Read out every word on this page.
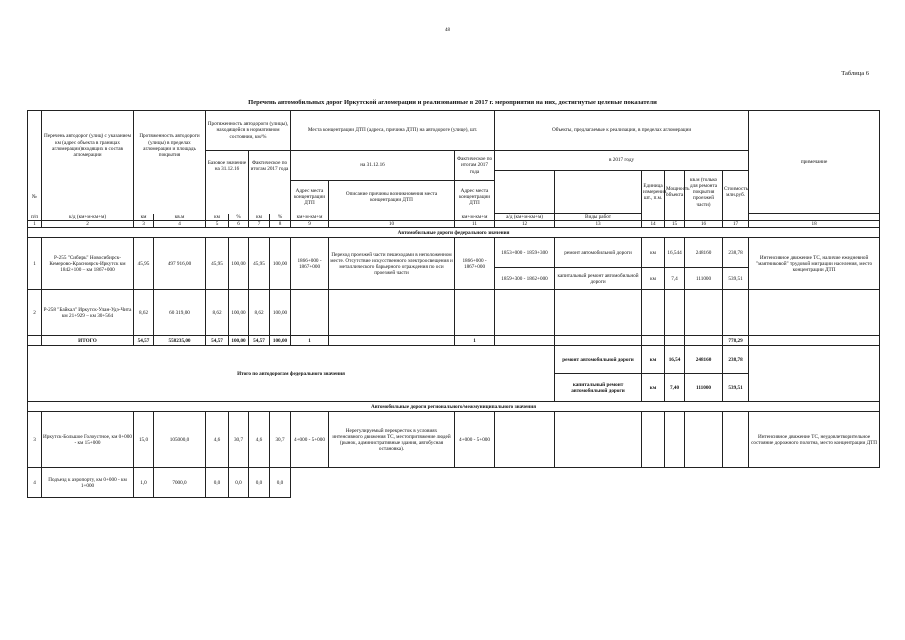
48
Таблица 6
Перечень автомобильных дорог Иркутской агломерации и реализованные в 2017 г. мероприятия на них, достигнутые целевые показатели
	Перечень автодорог (улиц) с указанием км (адрес объекта в границах агломерации)входящих в состав агломерации	Протяженность автодороги (улицы) в пределах агломерации и площадь покрытия		Протяженность автодороги (улицы), находящейся в нормативном состоянии, км/%				Места концентрации ДТП (адреса, причина ДТП) на автодороге (улице), шт.			Объекты, предлагаемые к реализации, в пределах агломерации						примечание
				Базовое значение на 31.12.16		Фактическое по итогам 2017 года		на 31.12.16		Фактическое по итогам 2017 года	в 2017 году						
													Единица измерения, шт., п.м.	Мощность объекта	кв.м (только для ремонта покрытия проезжей части)	Стоимость, млн.руб.	
№								Адрес места концентрации ДТП	Описание причины возникновения места концентрации ДТП	Адрес места концентрации ДТП							
п/п	к/д (км+м-км+м)	км	кв.м	км	%	км	%	км+м-км+м		км+м-км+м	а/д (км+м-км+м)	Виды работ					
1	2	3	4	5	6	7	8	9	10	11	12	13	14	15	16	17	18
Автомобильные дороги федерального значения																	
1	Р-255 "Сибирь" Новосибирск-Кемерово-Красноярск-Иркутск км 1842+100 – км 1867+000	45,95	497 916,00	45,95	100,00	45,95	100,00	1866+000 - 1867+000	Переход проезжей части пешеходами в неположенном месте. Отсутствие искусственного электроосвещения и металлического барьерного ограждения по оси проезжей части	1866+000 - 1867+000	1853+000 - 1859+300	ремонт автомобильной дороги	км	16,544	248160	238,78	Интенсивное движение ТС, наличие ежедневной "маятниковой" трудовой миграции населения, место концентрации ДТП
											1859+300 - 1862+000	капитальный ремонт автомобильной дороги	км	7,4	111000	539,51	
2	Р-258 "Байкал" Иркутск-Улан-Удэ-Чита км 21+929 – км 30+564	8,62	60 319,00	8,62	100,00	8,62	100,00										
	ИТОГО	54,57	558235,00	54,57	100,00	54,57	100,00	1		1						778,29	
Итого по автодорогам федерального значения												ремонт автомобильной дороги	км	16,54	248160	238,78	
												капитальный ремонт автомобильной дороги	км	7,40	111000	539,51	
Автомобильные дороги регионального/межмуниципального значения																	
3	Иркутск-Большое Голоустное, км 0+000 - км 15+000	15,0	105000,0	4,6	30,7	4,6	30,7	4+000 - 5+000	Нерегулируемый перекресток в условиях интенсивного движения ТС, местопритяжение людей (рынок, административные здания, автобусная остановка).	4+000 - 5+000							Интенсивное движение ТС, неудовлетворительное состояние дорожного полотна, место концентрации ДТП
4	Подъезд к аэропорту, км 0+000 - км 1+000	1,0	7000,0	0,0	0,0	0,0	0,0										
